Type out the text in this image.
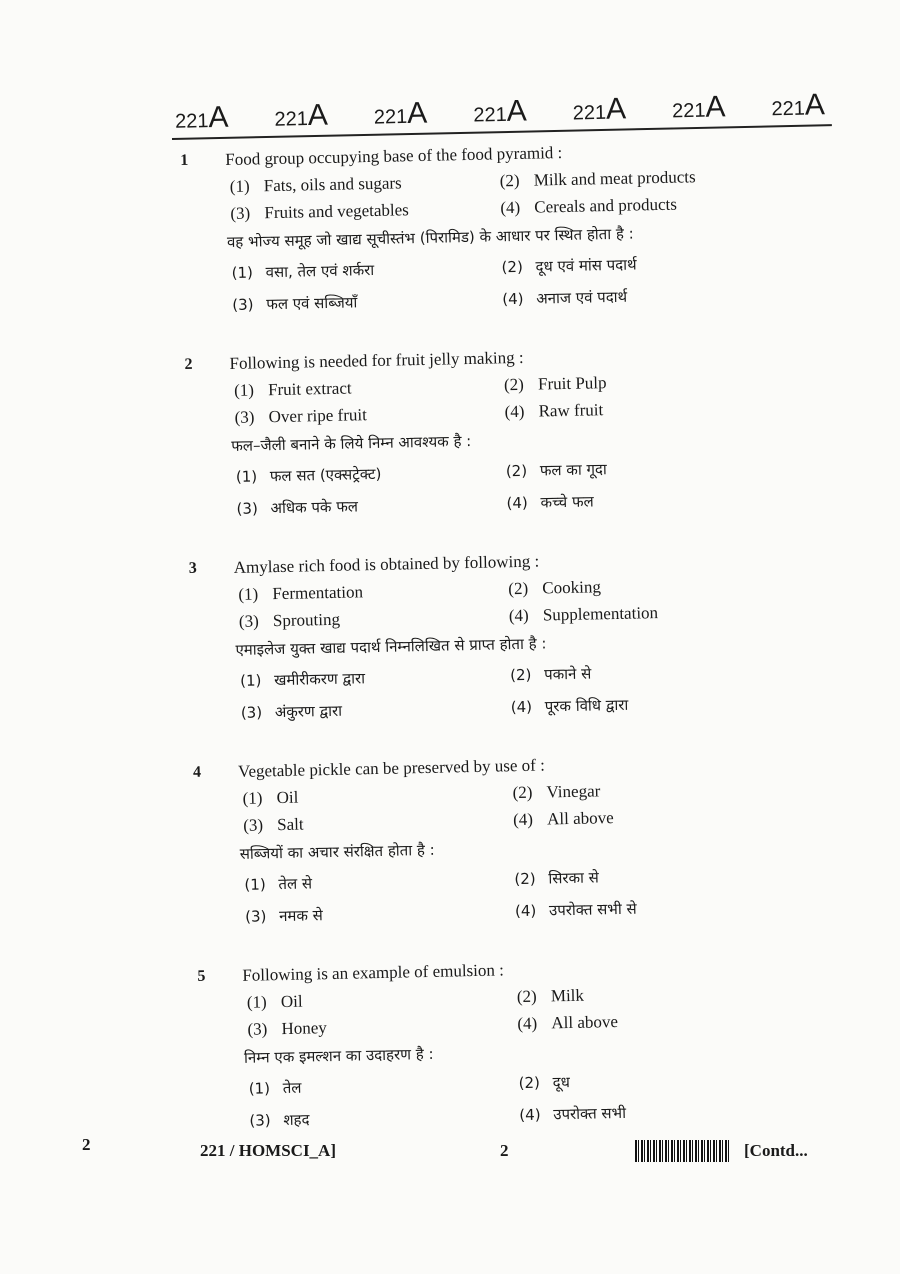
221A 221A 221A 221A 221A 221A 221A
1 Food group occupying base of the food pyramid :
(1) Fats, oils and sugars	(2) Milk and meat products
(3) Fruits and vegetables	(4) Cereals and products
वह भोज्य समूह जो खाद्य सूचीस्तंभ (पिरामिड) के आधार पर स्थित होता है :
(1) वसा, तेल एवं शर्करा	(2) दूध एवं मांस पदार्थ
(3) फल एवं सब्जियाँ	(4) अनाज एवं पदार्थ
2 Following is needed for fruit jelly making :
(1) Fruit extract	(2) Fruit Pulp
(3) Over ripe fruit	(4) Raw fruit
फल–जैली बनाने के लिये निम्न आवश्यक है :
(1) फल सत (एक्सट्रेक्ट)	(2) फल का गूदा
(3) अधिक पके फल	(4) कच्चे फल
3 Amylase rich food is obtained by following :
(1) Fermentation	(2) Cooking
(3) Sprouting	(4) Supplementation
एमाइलेज युक्त खाद्य पदार्थ निम्नलिखित से प्राप्त होता है :
(1) खमीरीकरण द्वारा	(2) पकाने से
(3) अंकुरण द्वारा	(4) पूरक विधि द्वारा
4 Vegetable pickle can be preserved by use of :
(1) Oil	(2) Vinegar
(3) Salt	(4) All above
सब्जियों का अचार संरक्षित होता है :
(1) तेल से	(2) सिरका से
(3) नमक से	(4) उपरोक्त सभी से
5 Following is an example of emulsion :
(1) Oil	(2) Milk
(3) Honey	(4) All above
निम्न एक इमल्शन का उदाहरण है :
(1) तेल	(2) दूध
(3) शहद	(4) उपरोक्त सभी
2	221 / HOMSCI_A]	2	[Contd...
